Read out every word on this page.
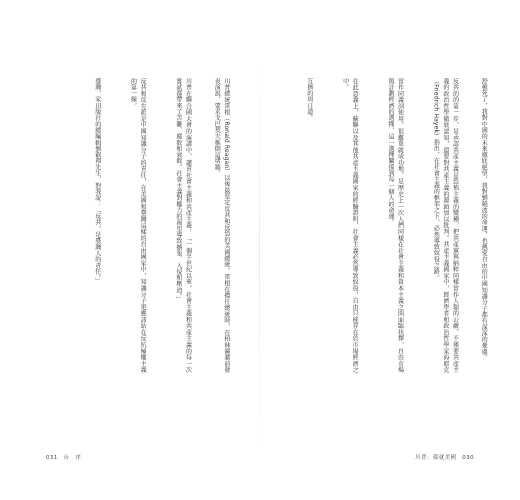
川普總統雷根（Ronald Reagan）以後最堅定反共和反恐的美國總統。雷根在擔任總統時，在柏林圍牆前發表演說，要求戈巴契夫推倒這堵牆。

川普在聯合國大會的演講中，譴責社會主義和共產主義：「一個半世紀以來，社會主義和共產主義的每一次嘗試都帶來了苦難、腐敗和衰敗。社會主義對權力的渴望導致擴張、入侵和壓迫。」

反共和反左派是中國知識分子的責任，在美國和臺灣這樣的自由國家中，知識分子更應該站在反抗極權主義的第一線。

臺灣，家田版社的總編輯劉叡翔先生，對我說：「反共，是臺灣人的責任。」

	舒頓死了，我對中國的未來徹底絕望，我對劉曉波的命運，也熱愛自由的中國知識分子都有深深的憂慮。

反共的的第一步，是承認共產主義是恐怖主義的變種，把共產黨與納粹同樣當作人類的公敵。不僅要共產主義的政治哲學徹底認知，還要對共產主義的源頭加以批判。共產主義國家中，經濟學者和政治哲學家海耶克（Friedrich Hayek）指出，在社會主義的框架之下，必然導致奴役之路。

當作同義詞使用，很難單就成功地，是歷史上一次人們同樣在社會主義和資本主義之間面臨抉擇，自由市場與計劃經濟的選擇，這一選擇關係到每一個人的命運。

在此意義上，蘇聯以及其他共產主義國家的經驗證明，社會主義必然導致奴役，自由只能存在於市場經濟之中。

互擠的周日道。

031　台　序	川普：孫就美國　030
